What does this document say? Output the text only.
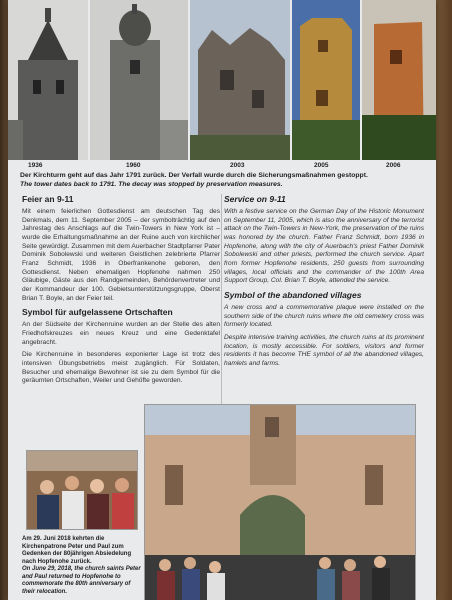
1936	1960	2003	2005	2006
Der Kirchturm geht auf das Jahr 1791 zurück. Der Verfall wurde durch die Sicherungsmaßnahmen gestoppt.
The tower dates back to 1791. The decay was stopped by preservation measures.
Feier an 9-11

Mit einem feierlichen Gottesdienst am deutschen Tag des Denkmals, dem 11. September 2005 – der symbolträchtig auf den Jahrestag des Anschlags auf die Twin-Towers in New York ist – wurde die Erhaltungsmaßnahme an der Ruine auch von kirchlicher Seite gewürdigt. Zusammen mit dem Auerbacher Stadtpfarrer Pater Dominik Sobolewski und weiteren Geistlichen zelebrierte Pfarrer Franz Schmidt, 1936 in Oberfrankenohe geboren, den Gottesdienst. Neben ehemaligen Hopfenohe nahmen 250 Gläubige, Gäste aus den Randgemeinden, Behördenvertreter und der Kommandeur der 100. Gebietsunterstützungsgruppe, Oberst Brian T. Boyle, an der Feier teil.

Symbol für aufgelassene Ortschaften

An der Südseite der Kirchenruine wurden an der Stelle des alten Friedhofskreuzes ein neues Kreuz und eine Gedenktafel angebracht.

Die Kirchenruine in besonderes exponierter Lage ist trotz des intensiven Übungsbetriebs meist zugänglich. Für Soldaten, Besucher und ehemalige Bewohner ist sie zu dem Symbol für die geräumten Ortschaften, Weiler und Gehöfte geworden.

Service on 9-11

With a festive service on the German Day of the Historic Monument on September 11, 2005, which is also the anniversary of the terrorist attack on the Twin-Towers in New-York, the preservation of the ruins was honored by the church. Father Franz Schmidt, born 1936 in Hopfenohe, along with the city of Auerbach's priest Father Dominik Sobolewski and other priests, performed the church service. Apart from former Hopfenohe residents, 250 guests from surrounding villages, local officials and the commander of the 100th Area Support Group, Col. Brian T. Boyle, attended the service.

Symbol of the abandoned villages

A new cross and a commemorative plaque were installed on the southern side of the church ruins where the old cemetery cross was formerly located.

Despite intensive training activities, the church ruins at its prominent location, is mostly accessible. For soldiers, visitors and former residents it has become THE symbol of all the abandoned villages, hamlets and farms.

Am 29. Juni 2018 kehrten die Kirchenpatrone Peter und Paul zum Gedenken der 80jährigen Absiedelung nach Hopfenohe zurück.
On June 29, 2018, the church saints Peter and Paul returned to Hopfenohe to commemorate the 80th anniversary of their relocation.
